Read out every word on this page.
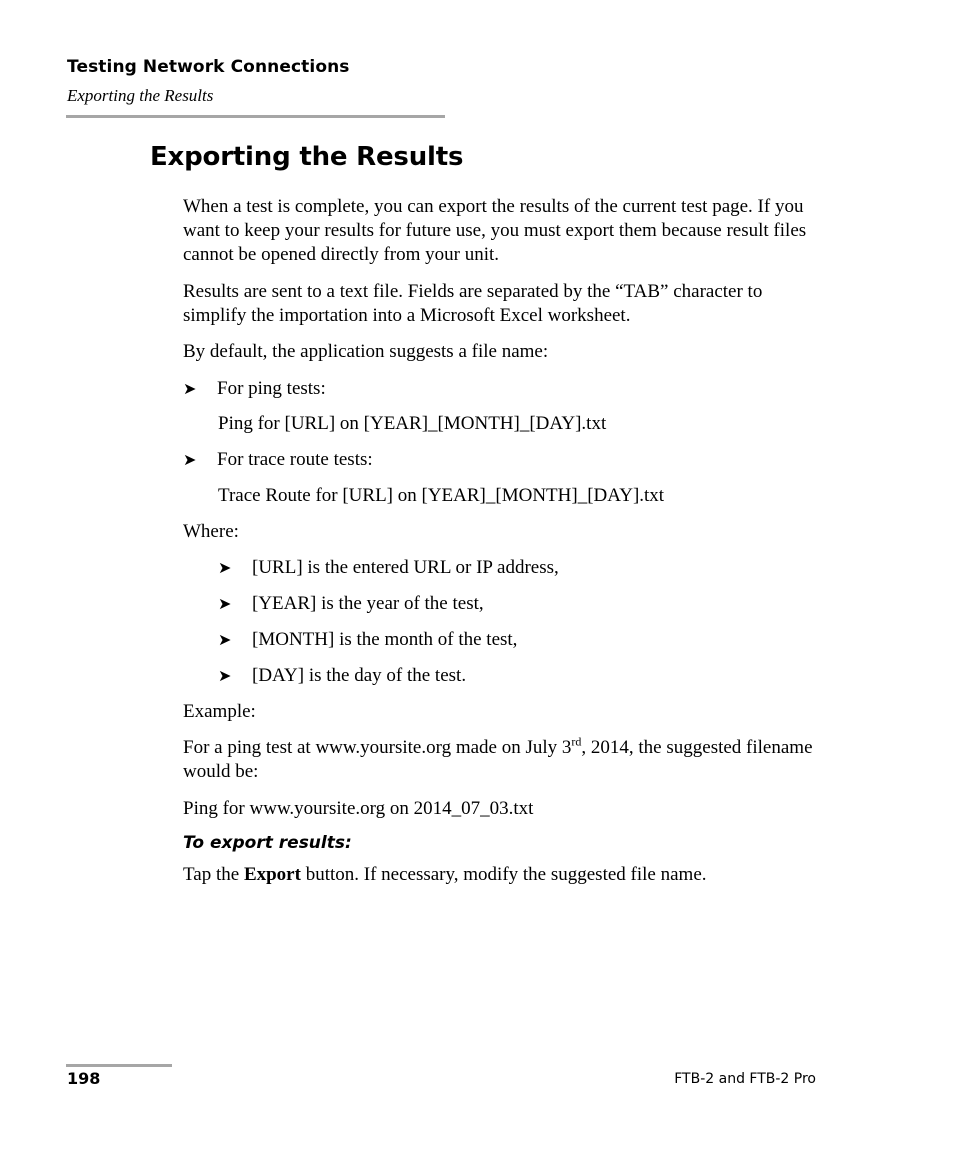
Testing Network Connections
Exporting the Results
Exporting the Results

When a test is complete, you can export the results of the current test page. If you want to keep your results for future use, you must export them because result files cannot be opened directly from your unit.

Results are sent to a text file. Fields are separated by the “TAB” character to simplify the importation into a Microsoft Excel worksheet.

By default, the application suggests a file name:

➤	For ping tests:
Ping for [URL] on [YEAR]_[MONTH]_[DAY].txt
➤	For trace route tests:
Trace Route for [URL] on [YEAR]_[MONTH]_[DAY].txt

Where:

➤	[URL] is the entered URL or IP address,
➤	[YEAR] is the year of the test,
➤	[MONTH] is the month of the test,
➤	[DAY] is the day of the test.

Example:

For a ping test at www.yoursite.org made on July 3rd, 2014, the suggested filename would be:

Ping for www.yoursite.org on 2014_07_03.txt

Tap the Export button. If necessary, modify the suggested file name.

To export results:
198	FTB-2 and FTB-2 Pro
